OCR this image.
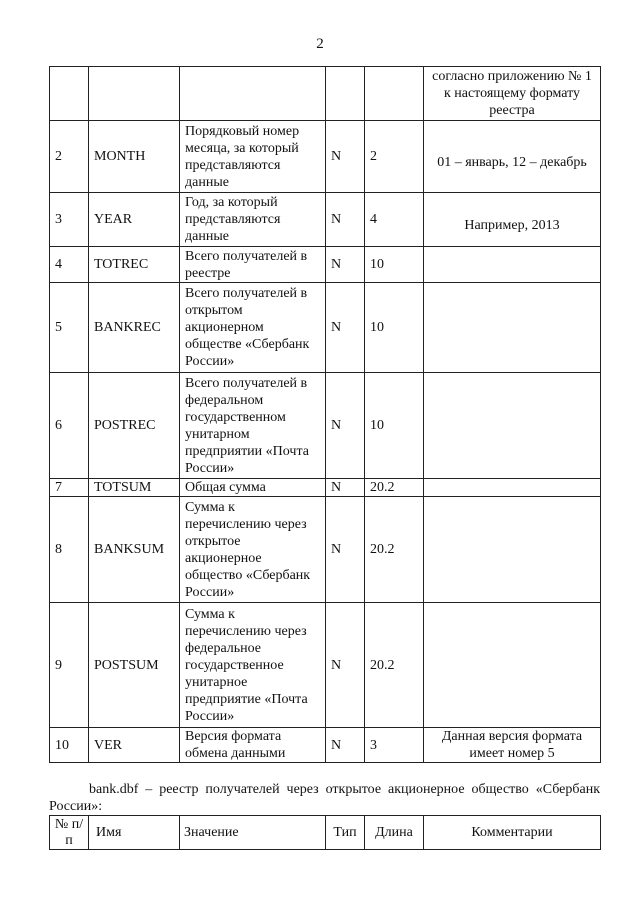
2
					согласно приложению № 1 к настоящему формату реестра
2	MONTH	Порядковый номер месяца, за который представляются данные	N	2	01 – январь, 12 – декабрь
3	YEAR	Год, за который представляются данные	N	4	Например, 2013
4	TOTREC	Всего получателей в реестре	N	10	
5	BANKREC	Всего получателей в открытом акционерном обществе «Сбербанк России»	N	10	
6	POSTREC	Всего получателей в федеральном государственном унитарном предприятии «Почта России»	N	10	
7	TOTSUM	Общая сумма	N	20.2	
8	BANKSUM	Сумма к перечислению через открытое акционерное общество «Сбербанк России»	N	20.2	
9	POSTSUM	Сумма к перечислению через федеральное государственное унитарное предприятие «Почта России»	N	20.2	
10	VER	Версия формата обмена данными	N	3	Данная версия формата имеет номер 5

bank.dbf – реестр получателей через открытое акционерное общество «Сбербанк России»:

№ п/п	Имя	Значение	Тип	Длина	Комментарии
